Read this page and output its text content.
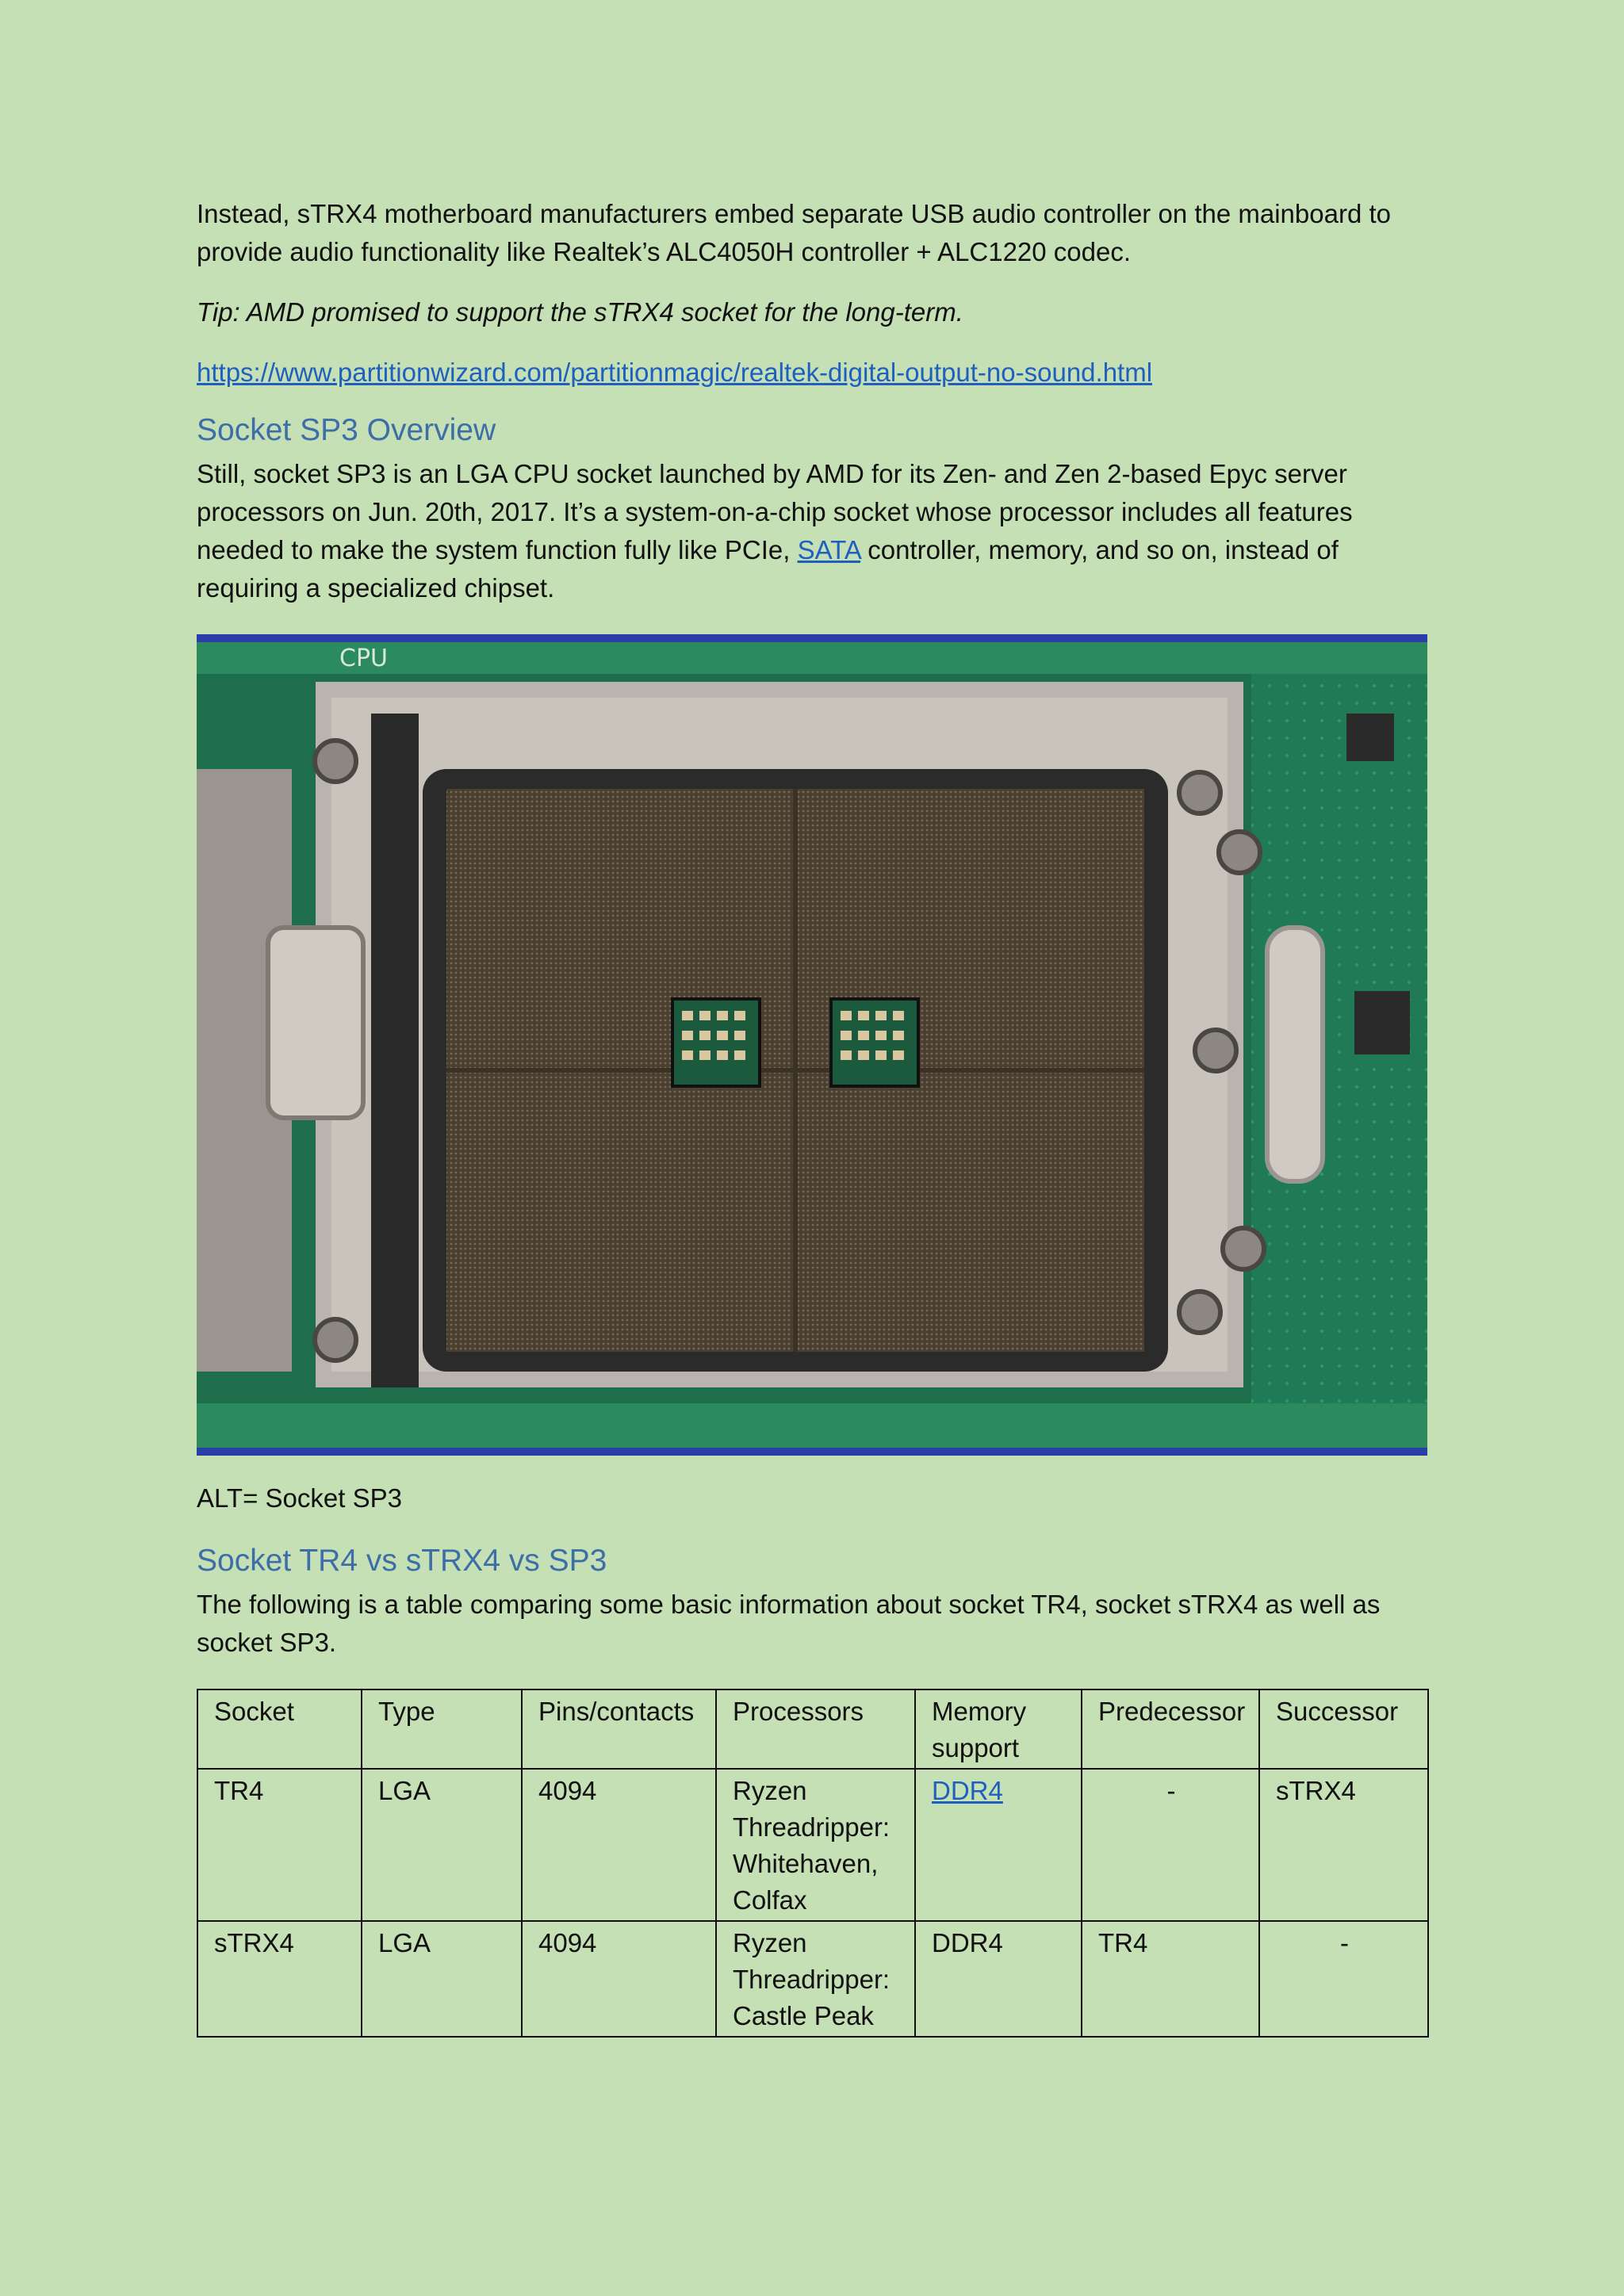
Instead, sTRX4 motherboard manufacturers embed separate USB audio controller on the mainboard to provide audio functionality like Realtek’s ALC4050H controller + ALC1220 codec.

Tip: AMD promised to support the sTRX4 socket for the long-term.

https://www.partitionwizard.com/partitionmagic/realtek-digital-output-no-sound.html

Socket SP3 Overview

Still, socket SP3 is an LGA CPU socket launched by AMD for its Zen- and Zen 2-based Epyc server processors on Jun. 20th, 2017. It’s a system-on-a-chip socket whose processor includes all features needed to make the system function fully like PCIe, SATA controller, memory, and so on, instead of requiring a specialized chipset.

CPU

ALT= Socket SP3

Socket TR4 vs sTRX4 vs SP3

The following is a table comparing some basic information about socket TR4, socket sTRX4 as well as socket SP3.

Socket	Type	Pins/contacts	Processors	Memory support	Predecessor	Successor
TR4	LGA	4094	Ryzen Threadripper: Whitehaven, Colfax	DDR4	-	sTRX4
sTRX4	LGA	4094	Ryzen Threadripper: Castle Peak	DDR4	TR4	-
